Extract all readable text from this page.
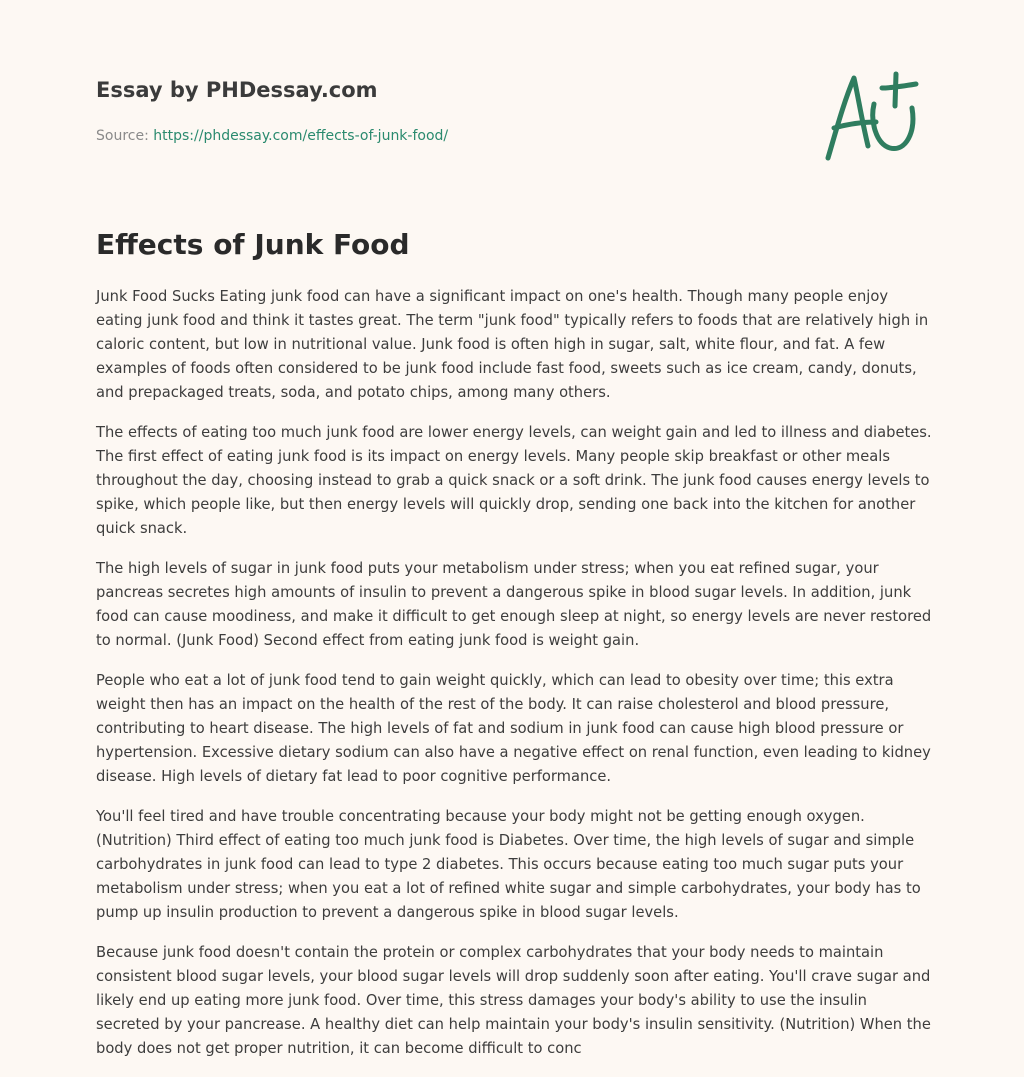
Essay by PHDessay.com
Source: https://phdessay.com/effects-of-junk-food/
Effects of Junk Food

Junk Food Sucks Eating junk food can have a significant impact on one's health. Though many people enjoy eating junk food and think it tastes great. The term "junk food" typically refers to foods that are relatively high in caloric content, but low in nutritional value. Junk food is often high in sugar, salt, white flour, and fat. A few examples of foods often considered to be junk food include fast food, sweets such as ice cream, candy, donuts, and prepackaged treats, soda, and potato chips, among many others.

The effects of eating too much junk food are lower energy levels, can weight gain and led to illness and diabetes. The first effect of eating junk food is its impact on energy levels. Many people skip breakfast or other meals throughout the day, choosing instead to grab a quick snack or a soft drink. The junk food causes energy levels to spike, which people like, but then energy levels will quickly drop, sending one back into the kitchen for another quick snack.

The high levels of sugar in junk food puts your metabolism under stress; when you eat refined sugar, your pancreas secretes high amounts of insulin to prevent a dangerous spike in blood sugar levels. In addition, junk food can cause moodiness, and make it difficult to get enough sleep at night, so energy levels are never restored to normal. (Junk Food) Second effect from eating junk food is weight gain.

People who eat a lot of junk food tend to gain weight quickly, which can lead to obesity over time; this extra weight then has an impact on the health of the rest of the body. It can raise cholesterol and blood pressure, contributing to heart disease. The high levels of fat and sodium in junk food can cause high blood pressure or hypertension. Excessive dietary sodium can also have a negative effect on renal function, even leading to kidney disease. High levels of dietary fat lead to poor cognitive performance.

You'll feel tired and have trouble concentrating because your body might not be getting enough oxygen. (Nutrition) Third effect of eating too much junk food is Diabetes. Over time, the high levels of sugar and simple carbohydrates in junk food can lead to type 2 diabetes. This occurs because eating too much sugar puts your metabolism under stress; when you eat a lot of refined white sugar and simple carbohydrates, your body has to pump up insulin production to prevent a dangerous spike in blood sugar levels.

Because junk food doesn't contain the protein or complex carbohydrates that your body needs to maintain consistent blood sugar levels, your blood sugar levels will drop suddenly soon after eating. You'll crave sugar and likely end up eating more junk food. Over time, this stress damages your body's ability to use the insulin secreted by your pancrease. A healthy diet can help maintain your body's insulin sensitivity. (Nutrition) When the body does not get proper nutrition, it can become difficult to conc
